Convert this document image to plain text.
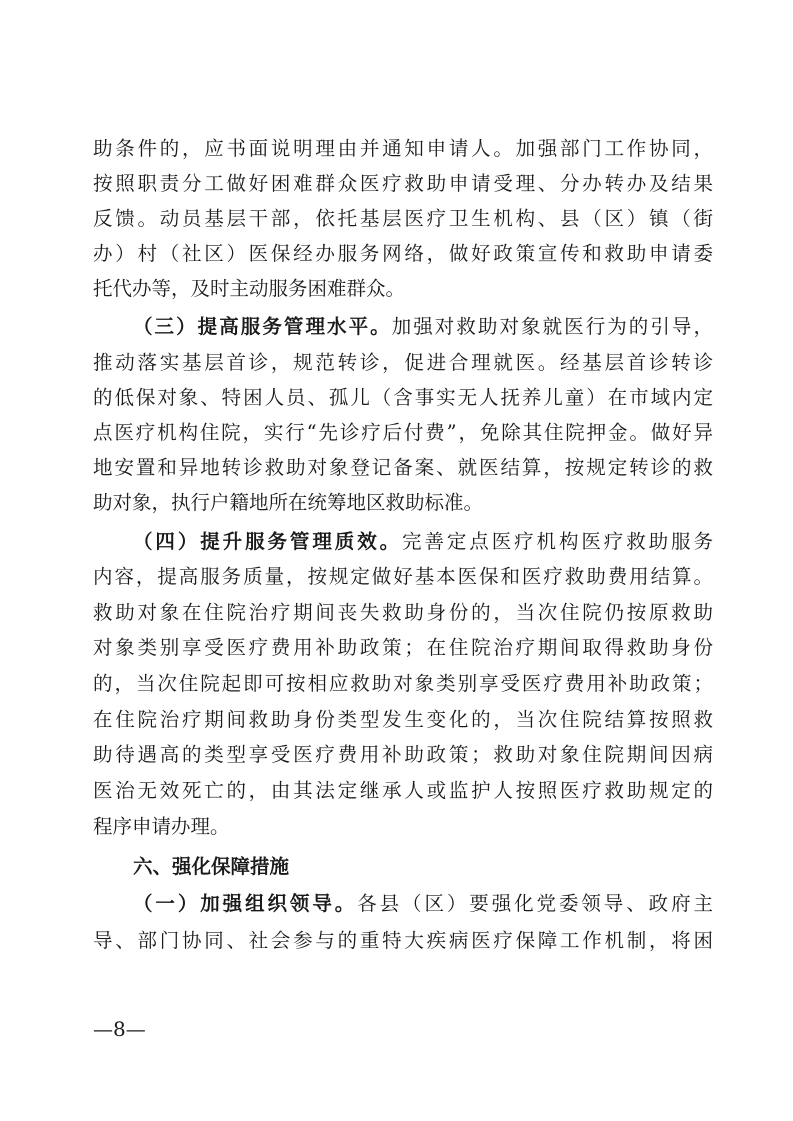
助条件的，应书面说明理由并通知申请人。加强部门工作协同，
按照职责分工做好困难群众医疗救助申请受理、分办转办及结果
反馈。动员基层干部，依托基层医疗卫生机构、县（区）镇（街
办）村（社区）医保经办服务网络，做好政策宣传和救助申请委
托代办等，及时主动服务困难群众。
（三）提高服务管理水平。加强对救助对象就医行为的引导，
推动落实基层首诊，规范转诊，促进合理就医。经基层首诊转诊
的低保对象、特困人员、孤儿（含事实无人抚养儿童）在市域内定
点医疗机构住院，实行“先诊疗后付费”，免除其住院押金。做好异
地安置和异地转诊救助对象登记备案、就医结算，按规定转诊的救
助对象，执行户籍地所在统筹地区救助标准。
（四）提升服务管理质效。完善定点医疗机构医疗救助服务
内容，提高服务质量，按规定做好基本医保和医疗救助费用结算。
救助对象在住院治疗期间丧失救助身份的，当次住院仍按原救助
对象类别享受医疗费用补助政策；在住院治疗期间取得救助身份
的，当次住院起即可按相应救助对象类别享受医疗费用补助政策；
在住院治疗期间救助身份类型发生变化的，当次住院结算按照救
助待遇高的类型享受医疗费用补助政策；救助对象住院期间因病
医治无效死亡的，由其法定继承人或监护人按照医疗救助规定的
程序申请办理。
六、强化保障措施
（一）加强组织领导。各县（区）要强化党委领导、政府主
导、部门协同、社会参与的重特大疾病医疗保障工作机制，将困
—8—
